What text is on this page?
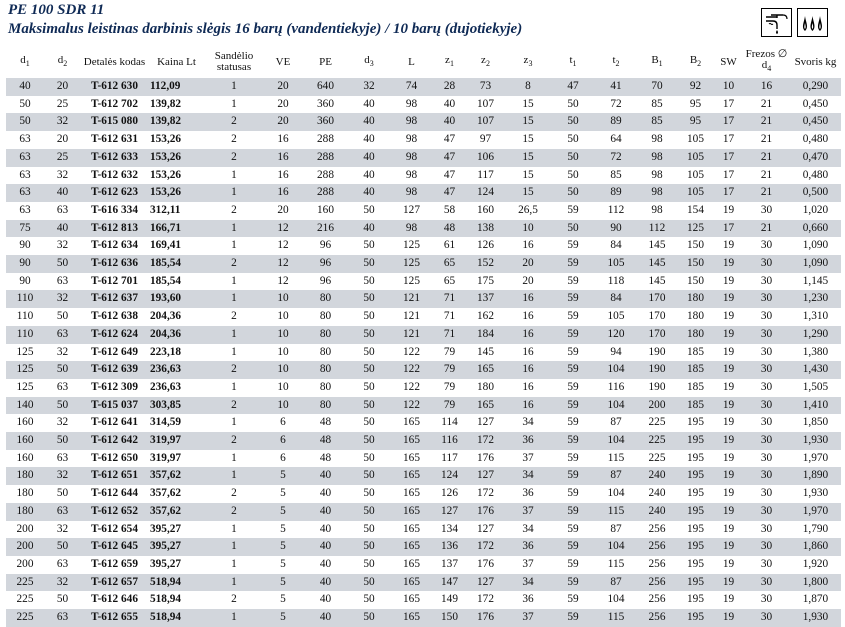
PE 100 SDR 11
Maksimalus leistinas darbinis slėgis 16 barų (vandentiekyje) / 10 barų (dujotiekyje)
$d_1$	$d_2$	Detalės kodas	Kaina Lt	Sandėlio statusas	VE	PE	$d_3$	L	$z_1$	$z_2$	$z_3$	$t_1$	$t_2$	$B_1$	$B_2$	SW	Frezos ∅ $d_4$	Svoris kg
40	20	T-612 630	112,09	1	20	640	32	74	28	73	8	47	41	70	92	10	16	0,290
50	25	T-612 702	139,82	1	20	360	40	98	40	107	15	50	72	85	95	17	21	0,450
50	32	T-615 080	139,82	2	20	360	40	98	40	107	15	50	89	85	95	17	21	0,450
63	20	T-612 631	153,26	2	16	288	40	98	47	97	15	50	64	98	105	17	21	0,480
63	25	T-612 633	153,26	2	16	288	40	98	47	106	15	50	72	98	105	17	21	0,470
63	32	T-612 632	153,26	1	16	288	40	98	47	117	15	50	85	98	105	17	21	0,480
63	40	T-612 623	153,26	1	16	288	40	98	47	124	15	50	89	98	105	17	21	0,500
63	63	T-616 334	312,11	2	20	160	50	127	58	160	26,5	59	112	98	154	19	30	1,020
75	40	T-612 813	166,71	1	12	216	40	98	48	138	10	50	90	112	125	17	21	0,660
90	32	T-612 634	169,41	1	12	96	50	125	61	126	16	59	84	145	150	19	30	1,090
90	50	T-612 636	185,54	2	12	96	50	125	65	152	20	59	105	145	150	19	30	1,090
90	63	T-612 701	185,54	1	12	96	50	125	65	175	20	59	118	145	150	19	30	1,145
110	32	T-612 637	193,60	1	10	80	50	121	71	137	16	59	84	170	180	19	30	1,230
110	50	T-612 638	204,36	2	10	80	50	121	71	162	16	59	105	170	180	19	30	1,310
110	63	T-612 624	204,36	1	10	80	50	121	71	184	16	59	120	170	180	19	30	1,290
125	32	T-612 649	223,18	1	10	80	50	122	79	145	16	59	94	190	185	19	30	1,380
125	50	T-612 639	236,63	2	10	80	50	122	79	165	16	59	104	190	185	19	30	1,430
125	63	T-612 309	236,63	1	10	80	50	122	79	180	16	59	116	190	185	19	30	1,505
140	50	T-615 037	303,85	2	10	80	50	122	79	165	16	59	104	200	185	19	30	1,410
160	32	T-612 641	314,59	1	6	48	50	165	114	127	34	59	87	225	195	19	30	1,850
160	50	T-612 642	319,97	2	6	48	50	165	116	172	36	59	104	225	195	19	30	1,930
160	63	T-612 650	319,97	1	6	48	50	165	117	176	37	59	115	225	195	19	30	1,970
180	32	T-612 651	357,62	1	5	40	50	165	124	127	34	59	87	240	195	19	30	1,890
180	50	T-612 644	357,62	2	5	40	50	165	126	172	36	59	104	240	195	19	30	1,930
180	63	T-612 652	357,62	2	5	40	50	165	127	176	37	59	115	240	195	19	30	1,970
200	32	T-612 654	395,27	1	5	40	50	165	134	127	34	59	87	256	195	19	30	1,790
200	50	T-612 645	395,27	1	5	40	50	165	136	172	36	59	104	256	195	19	30	1,860
200	63	T-612 659	395,27	1	5	40	50	165	137	176	37	59	115	256	195	19	30	1,920
225	32	T-612 657	518,94	1	5	40	50	165	147	127	34	59	87	256	195	19	30	1,800
225	50	T-612 646	518,94	2	5	40	50	165	149	172	36	59	104	256	195	19	30	1,870
225	63	T-612 655	518,94	1	5	40	50	165	150	176	37	59	115	256	195	19	30	1,930
